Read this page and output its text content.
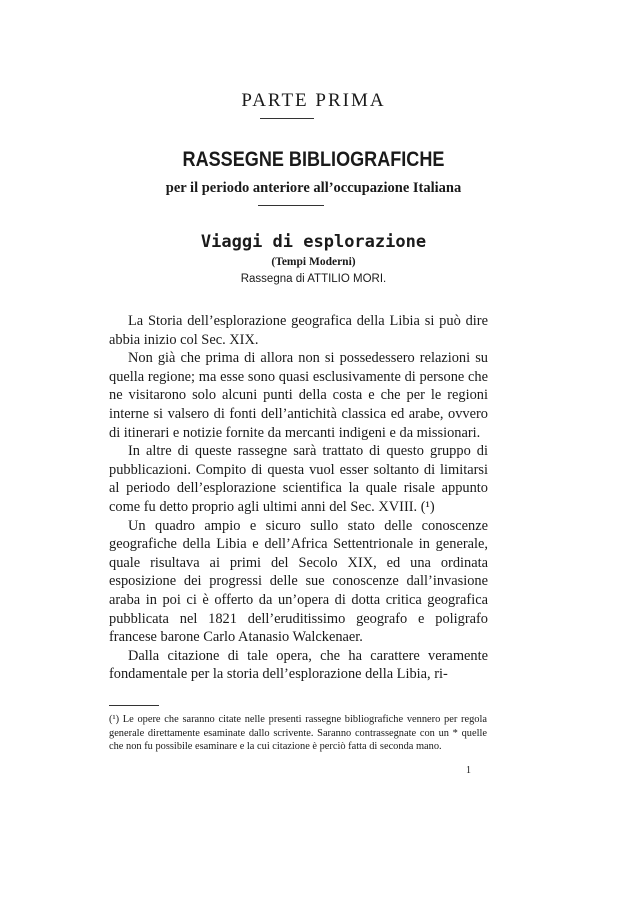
PARTE PRIMA
RASSEGNE BIBLIOGRAFICHE
per il periodo anteriore all’occupazione Italiana
Viaggi di esplorazione
(Tempi Moderni)
Rassegna di ATTILIO MORI.

La Storia dell’esplorazione geografica della Libia si può dire abbia inizio col Sec. XIX.

Non già che prima di allora non si possedessero relazioni su quella regione; ma esse sono quasi esclusivamente di persone che ne visitarono solo alcuni punti della costa e che per le regioni interne si valsero di fonti dell’antichità classica ed arabe, ovvero di itinerari e notizie fornite da mercanti indigeni e da missionari.

In altre di queste rassegne sarà trattato di questo gruppo di pubblicazioni. Compito di questa vuol esser soltanto di limitarsi al periodo dell’esplorazione scientifica la quale risale appunto come fu detto proprio agli ultimi anni del Sec. XVIII. (¹)

Un quadro ampio e sicuro sullo stato delle conoscenze geografiche della Libia e dell’Africa Settentrionale in generale, quale risultava ai primi del Secolo XIX, ed una ordinata esposizione dei progressi delle sue conoscenze dall’invasione araba in poi ci è offerto da un’opera di dotta critica geografica pubblicata nel 1821 dell’eruditissimo geografo e poligrafo francese barone Carlo Atanasio Walckenaer.

Dalla citazione di tale opera, che ha carattere veramente fondamentale per la storia dell’esplorazione della Libia, ri-

(¹) Le opere che saranno citate nelle presenti rassegne bibliografiche vennero per regola generale direttamente esaminate dallo scrivente. Saranno contrassegnate con un * quelle che non fu possibile esaminare e la cui citazione è perciò fatta di seconda mano.
1
